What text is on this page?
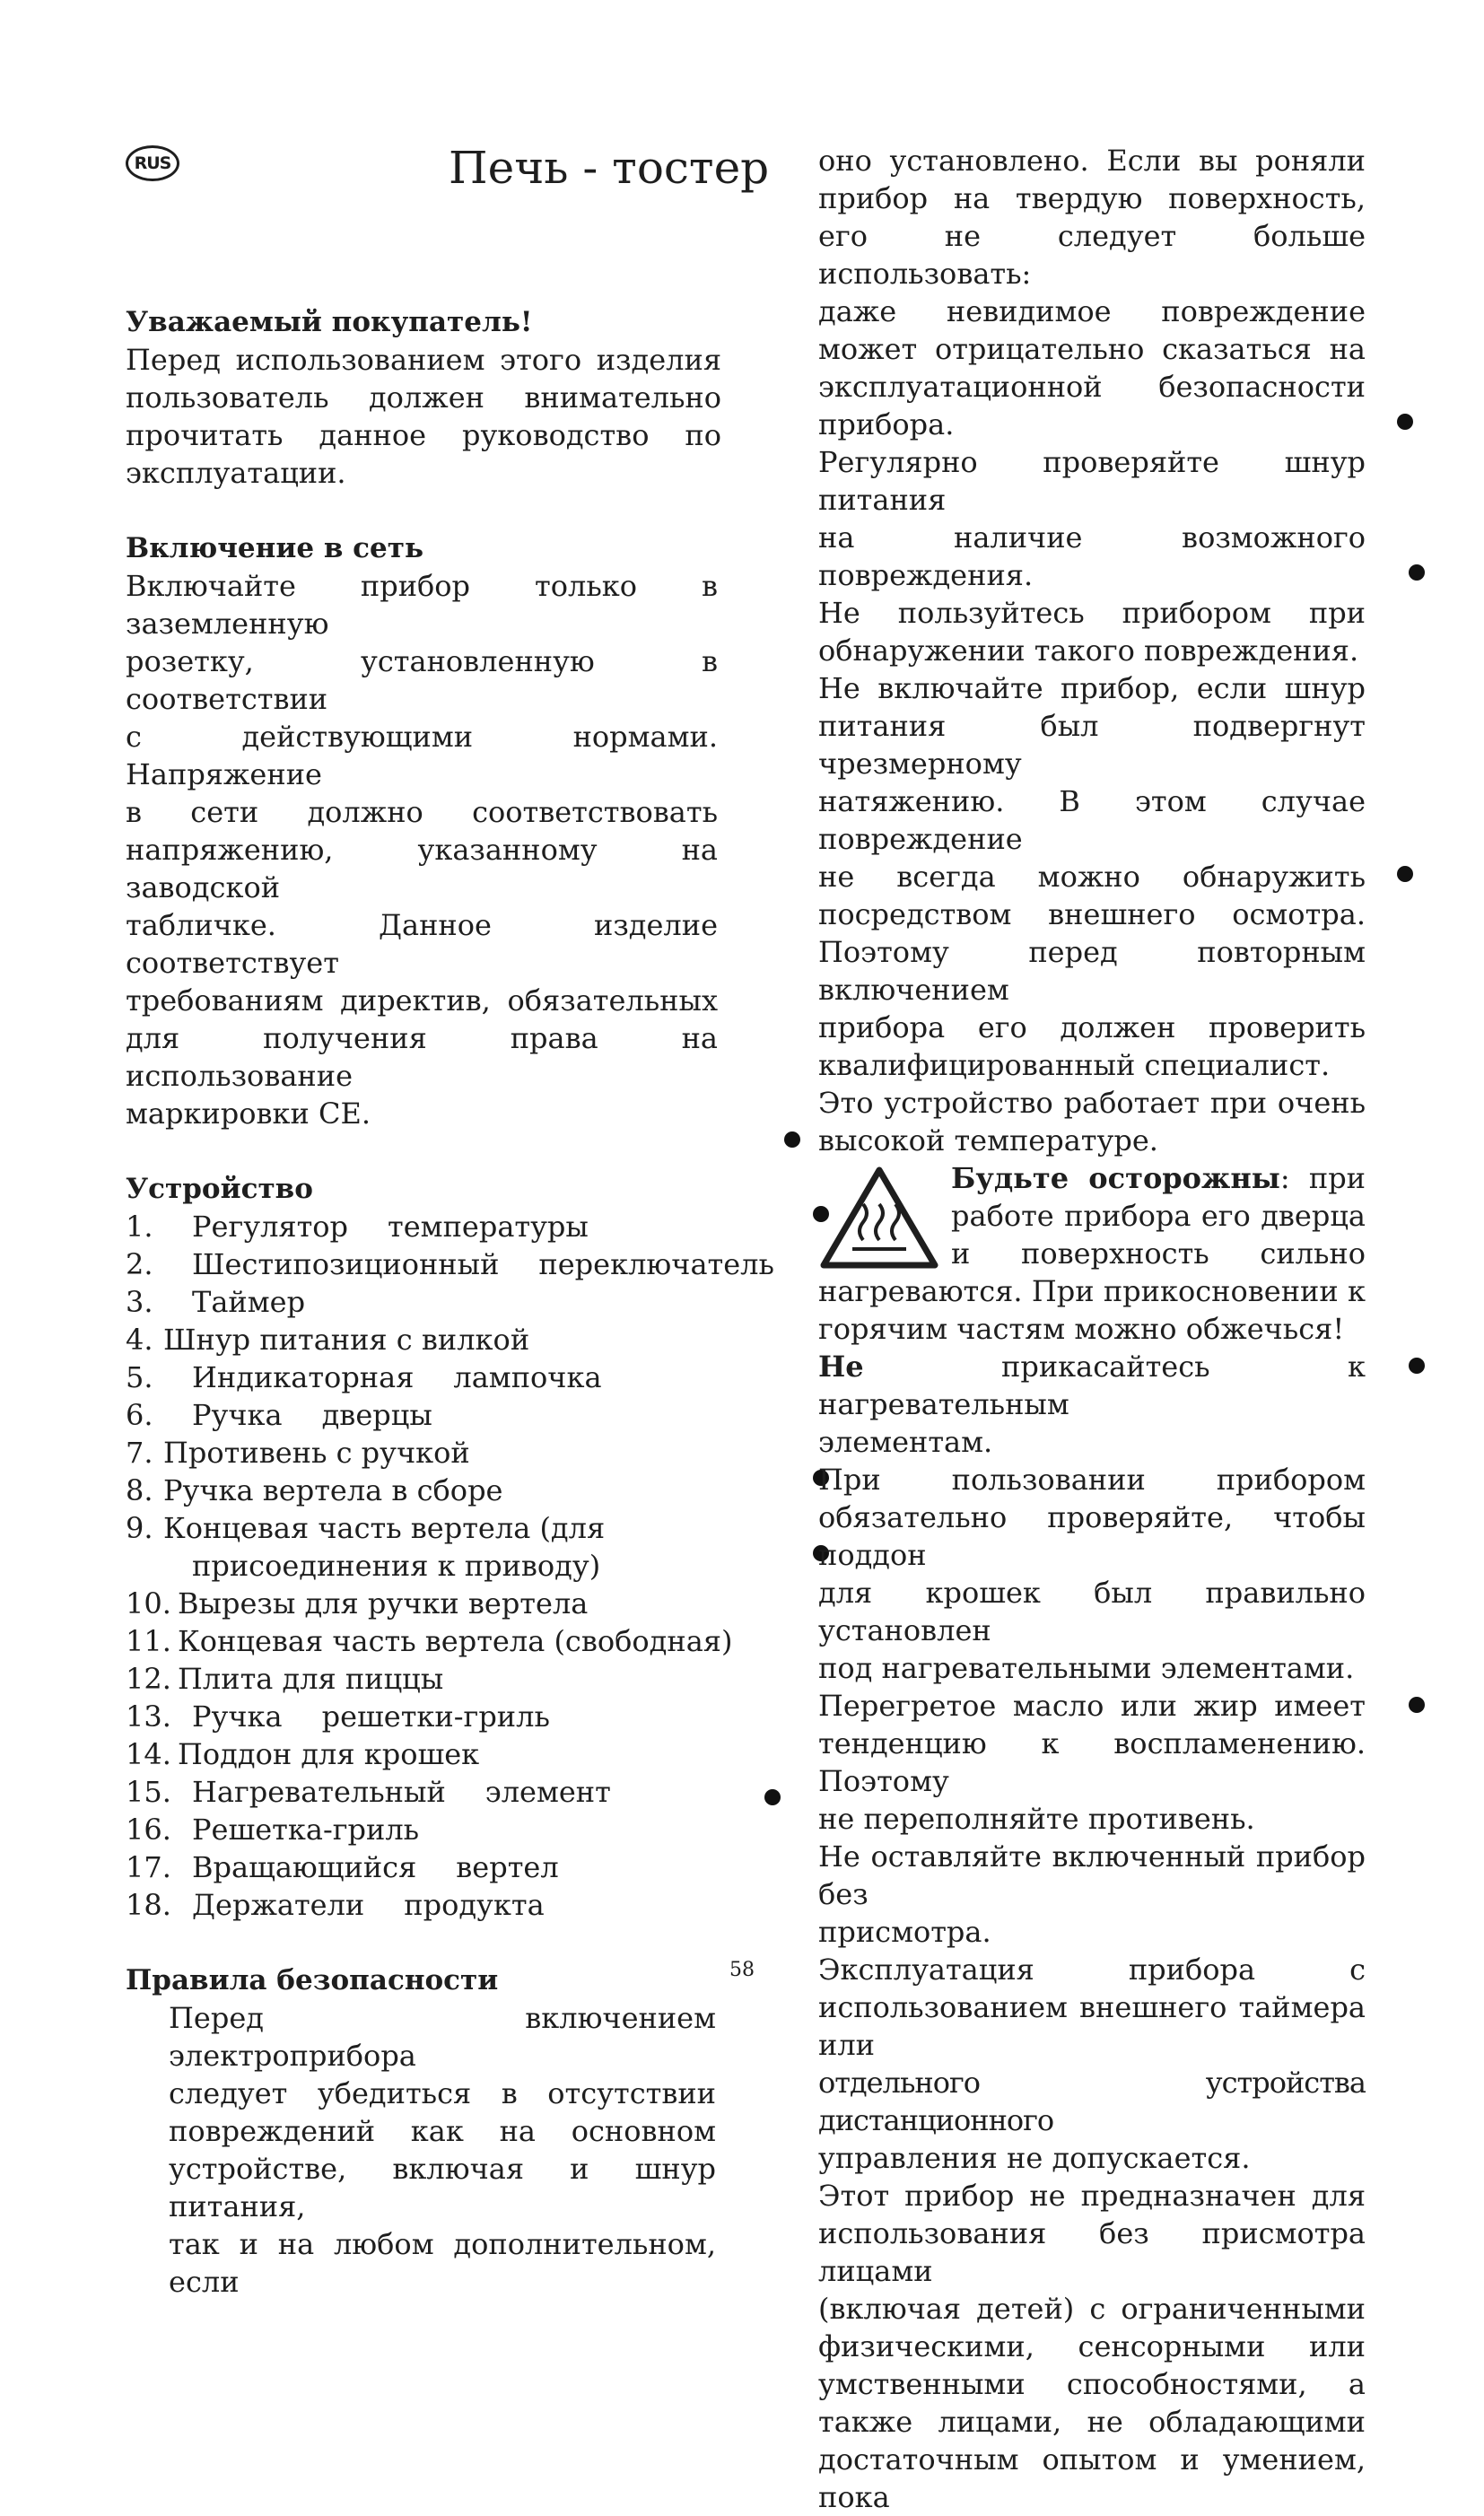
RUS	Печь - тостер

Уважаемый покупатель!

Перед использованием этого изделия

пользователь должен внимательно

прочитать данное руководство по

эксплуатации.

Включение в сеть

Включайте прибор только в заземленную

розетку, установленную в соответствии

с действующими нормами. Напряжение

в сети должно соответствовать

напряжению, указанному на заводской

табличке. Данное изделие соответствует

требованиям директив, обязательных

для получения права на использование

маркировки CE.

Устройство

1. Регулятор температуры
2. Шестипозиционный переключатель
3. Таймер
4. Шнур питания с вилкой
5. Индикаторная лампочка
6. Ручка дверцы
7. Противень с ручкой
8. Ручка вертела в сборе
9. Концевая часть вертела (для
присоединения к приводу)
10. Вырезы для ручки вертела
11. Концевая часть вертела (свободная)
12. Плита для пиццы
13. Ручка решетки-гриль
14. Поддон для крошек
15. Нагревательный элемент
16. Решетка-гриль
17. Вращающийся вертел
18. Держатели продукта

Правила безопасности

Перед включением электроприбора

следует убедиться в отсутствии

повреждений как на основном

устройстве, включая и шнур питания,

так и на любом дополнительном, если

оно установлено. Если вы роняли

прибор на твердую поверхность,

его не следует больше использовать:

даже невидимое повреждение

может отрицательно сказаться на

эксплуатационной безопасности

прибора.

Регулярно проверяйте шнур питания

на наличие возможного повреждения.

Не пользуйтесь прибором при

обнаружении такого повреждения.

Не включайте прибор, если шнур

питания был подвергнут чрезмерному

натяжению. В этом случае повреждение

не всегда можно обнаружить

посредством внешнего осмотра.

Поэтому перед повторным включением

прибора его должен проверить

квалифицированный специалист.

Это устройство работает при очень

высокой температуре.

Будьте осторожны: при

работе прибора его дверца

и поверхность сильно

нагреваются. При прикосновении к

горячим частям можно обжечься!

Не прикасайтесь к нагревательным

элементам.

При пользовании прибором

обязательно проверяйте, чтобы поддон

для крошек был правильно установлен

под нагревательными элементами.

Перегретое масло или жир имеет

тенденцию к воспламенению. Поэтому

не переполняйте противень.

Не оставляйте включенный прибор без

присмотра.

Эксплуатация прибора с

использованием внешнего таймера или

отдельного устройства дистанционного

управления не допускается.

Этот прибор не предназначен для

использования без присмотра лицами

(включая детей) с ограниченными

физическими, сенсорными или

умственными способностями, а

также лицами, не обладающими

достаточным опытом и умением, пока

58
